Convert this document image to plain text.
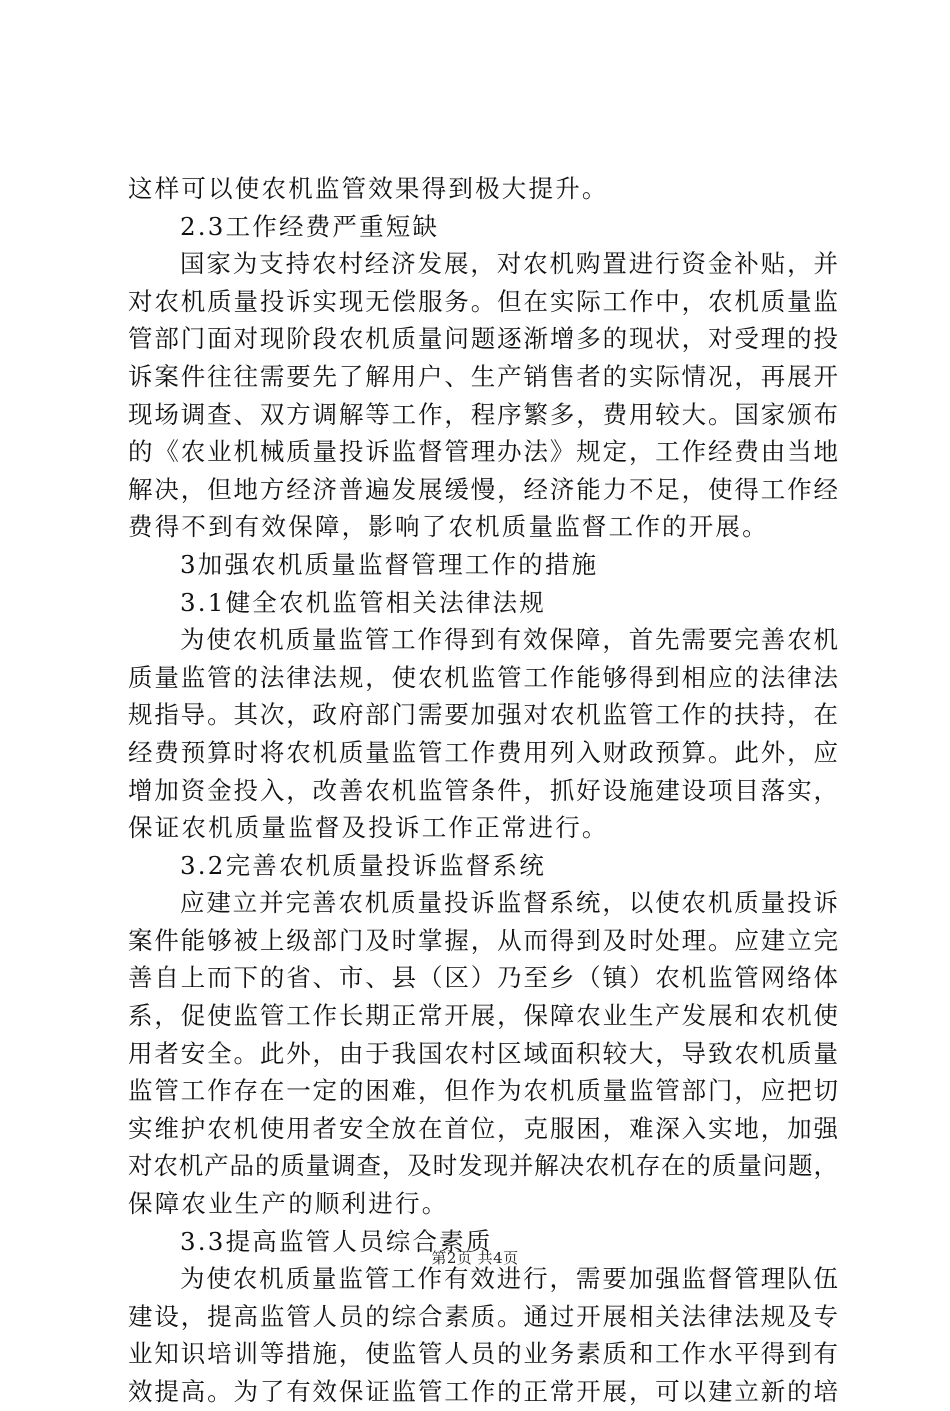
这样可以使农机监管效果得到极大提升。
2.3工作经费严重短缺
国家为支持农村经济发展，对农机购置进行资金补贴，并
对农机质量投诉实现无偿服务。但在实际工作中，农机质量监
管部门面对现阶段农机质量问题逐渐增多的现状，对受理的投
诉案件往往需要先了解用户、生产销售者的实际情况，再展开
现场调查、双方调解等工作，程序繁多，费用较大。国家颁布
的《农业机械质量投诉监督管理办法》规定，工作经费由当地
解决，但地方经济普遍发展缓慢，经济能力不足，使得工作经
费得不到有效保障，影响了农机质量监督工作的开展。
3加强农机质量监督管理工作的措施
3.1健全农机监管相关法律法规
为使农机质量监管工作得到有效保障，首先需要完善农机
质量监管的法律法规，使农机监管工作能够得到相应的法律法
规指导。其次，政府部门需要加强对农机监管工作的扶持，在
经费预算时将农机质量监管工作费用列入财政预算。此外，应
增加资金投入，改善农机监管条件，抓好设施建设项目落实，
保证农机质量监督及投诉工作正常进行。
3.2完善农机质量投诉监督系统
应建立并完善农机质量投诉监督系统，以使农机质量投诉
案件能够被上级部门及时掌握，从而得到及时处理。应建立完
善自上而下的省、市、县（区）乃至乡（镇）农机监管网络体
系，促使监管工作长期正常开展，保障农业生产发展和农机使
用者安全。此外，由于我国农村区域面积较大，导致农机质量
监管工作存在一定的困难，但作为农机质量监管部门，应把切
实维护农机使用者安全放在首位，克服困，难深入实地，加强
对农机产品的质量调查，及时发现并解决农机存在的质量问题，
保障农业生产的顺利进行。
3.3提高监管人员综合素质
为使农机质量监管工作有效进行，需要加强监督管理队伍
建设，提高监管人员的综合素质。通过开展相关法律法规及专
业知识培训等措施，使监管人员的业务素质和工作水平得到有
效提高。为了有效保证监管工作的正常开展，可以建立新的培
第2页 共4页
